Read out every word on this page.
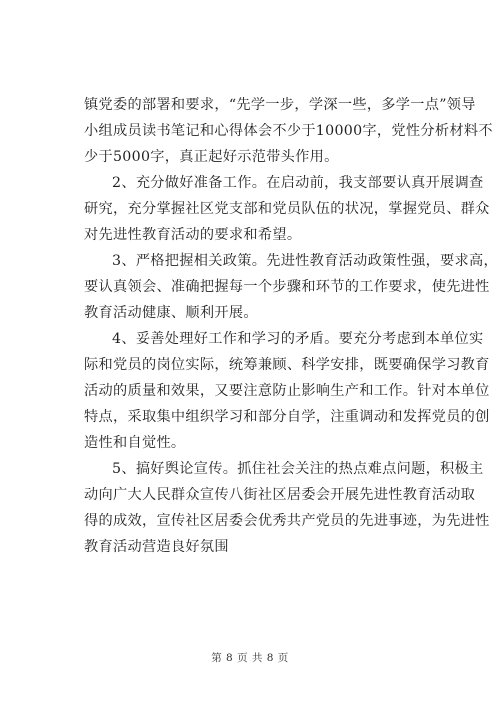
镇党委的部署和要求，“先学一步，学深一些，多学一点”领导
小组成员读书笔记和心得体会不少于10000字，党性分析材料不
少于5000字，真正起好示范带头作用。
2、充分做好准备工作。在启动前，我支部要认真开展调查
研究，充分掌握社区党支部和党员队伍的状况，掌握党员、群众
对先进性教育活动的要求和希望。
3、严格把握相关政策。先进性教育活动政策性强，要求高，
要认真领会、准确把握每一个步骤和环节的工作要求，使先进性
教育活动健康、顺利开展。
4、妥善处理好工作和学习的矛盾。要充分考虑到本单位实
际和党员的岗位实际，统筹兼顾、科学安排，既要确保学习教育
活动的质量和效果，又要注意防止影响生产和工作。针对本单位
特点，采取集中组织学习和部分自学，注重调动和发挥党员的创
造性和自觉性。
5、搞好舆论宣传。抓住社会关注的热点难点问题，积极主
动向广大人民群众宣传八街社区居委会开展先进性教育活动取
得的成效，宣传社区居委会优秀共产党员的先进事迹，为先进性
教育活动营造良好氛围
第 8 页 共 8 页
